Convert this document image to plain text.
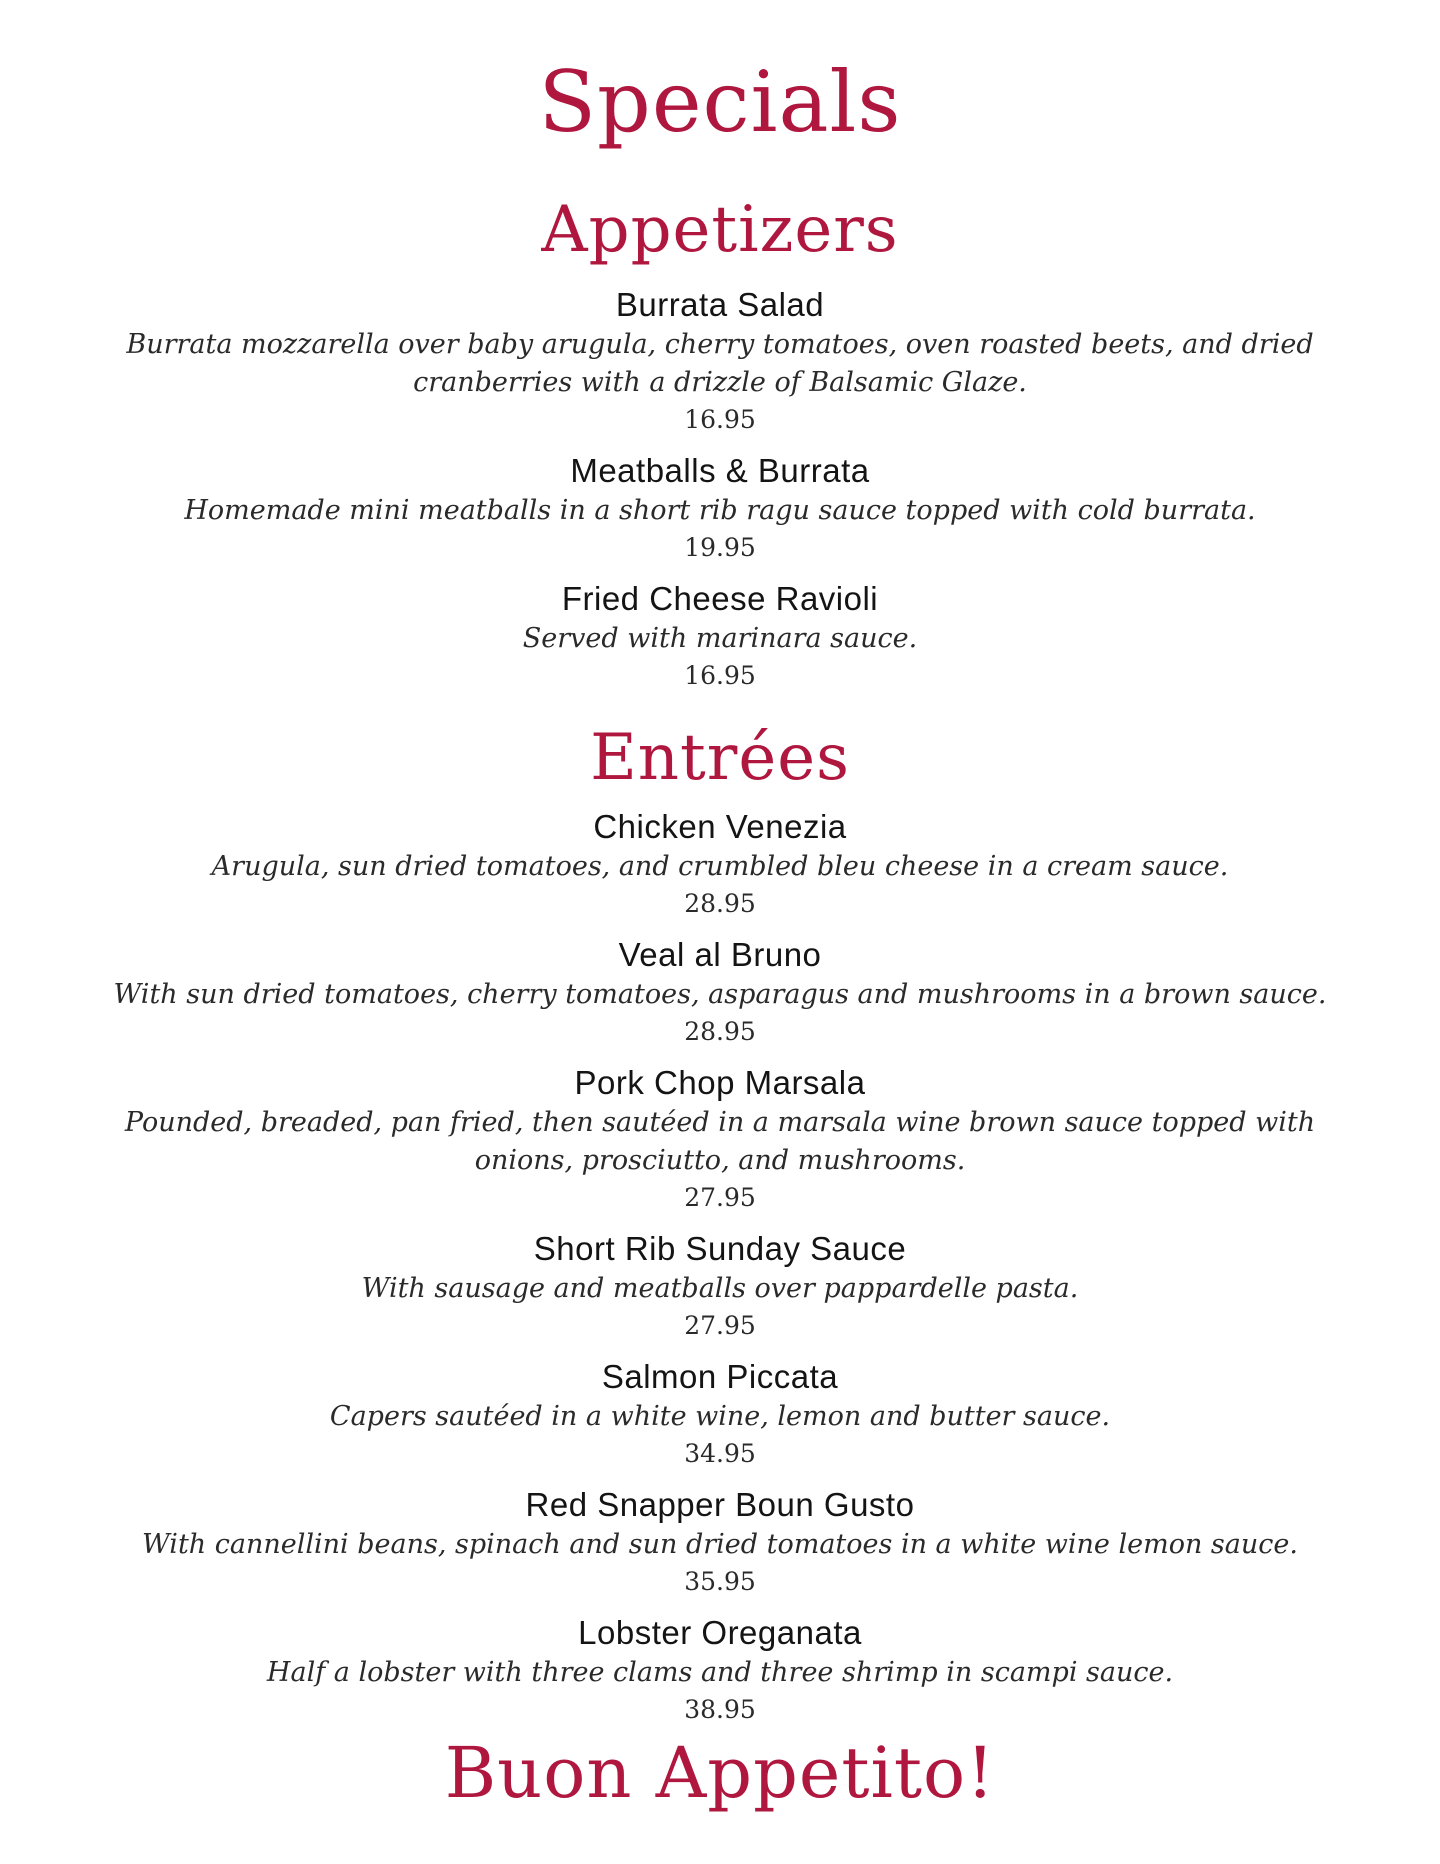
Specials
Appetizers
Burrata Salad
Burrata mozzarella over baby arugula, cherry tomatoes, oven roasted beets, and dried cranberries with a drizzle of Balsamic Glaze.
16.95
Meatballs & Burrata
Homemade mini meatballs in a short rib ragu sauce topped with cold burrata.
19.95
Fried Cheese Ravioli
Served with marinara sauce.
16.95
Entrées
Chicken Venezia
Arugula, sun dried tomatoes, and crumbled bleu cheese in a cream sauce.
28.95
Veal al Bruno
With sun dried tomatoes, cherry tomatoes, asparagus and mushrooms in a brown sauce.
28.95
Pork Chop Marsala
Pounded, breaded, pan fried, then sautéed in a marsala wine brown sauce topped with onions, prosciutto, and mushrooms.
27.95
Short Rib Sunday Sauce
With sausage and meatballs over pappardelle pasta.
27.95
Salmon Piccata
Capers sautéed in a white wine, lemon and butter sauce.
34.95
Red Snapper Boun Gusto
With cannellini beans, spinach and sun dried tomatoes in a white wine lemon sauce.
35.95
Lobster Oreganata
Half a lobster with three clams and three shrimp in scampi sauce.
38.95
Buon Appetito!
